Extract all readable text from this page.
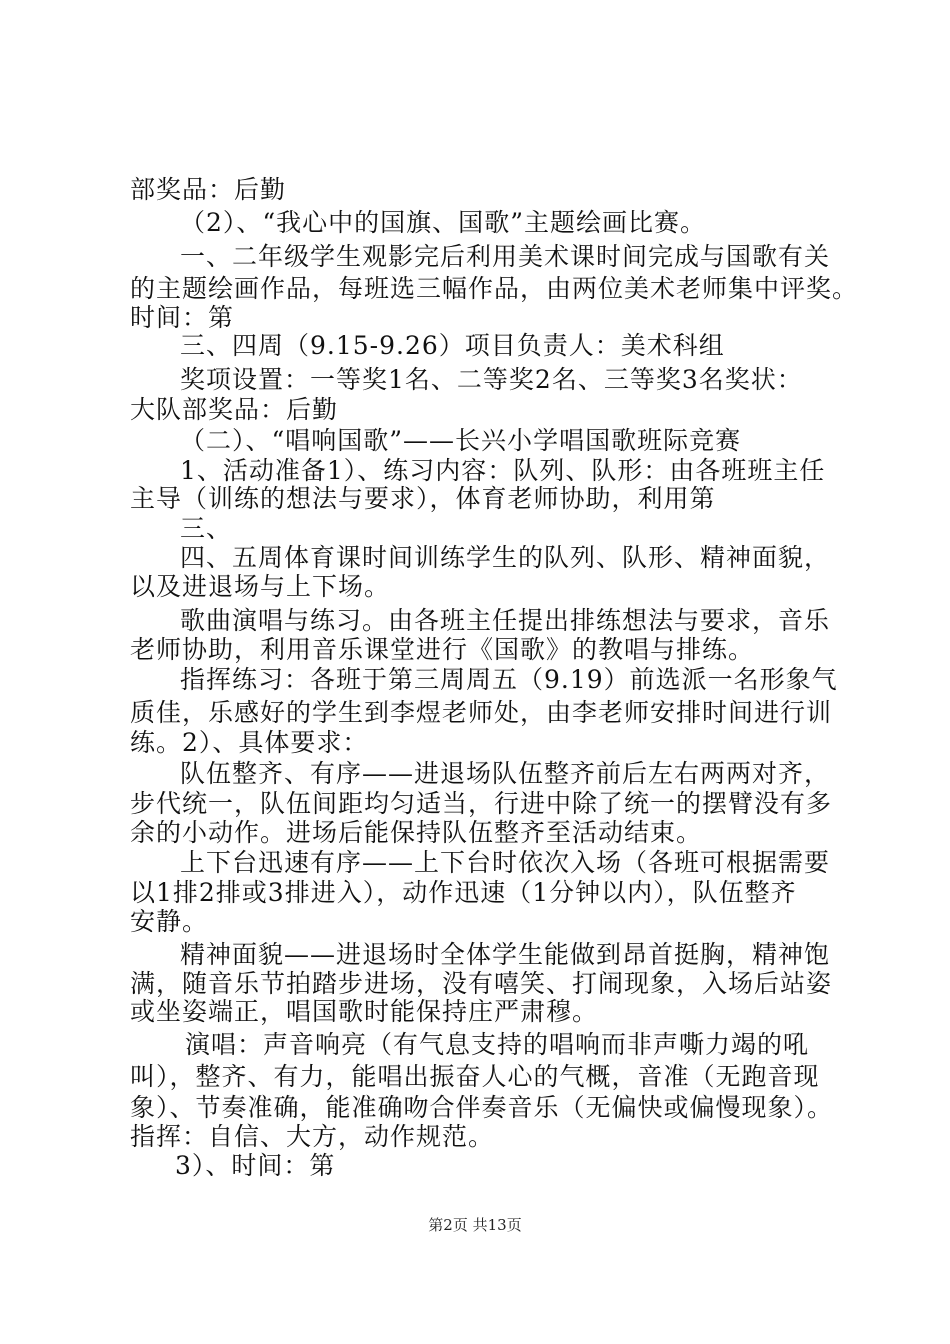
部奖品：后勤
（2）、“我心中的国旗、国歌”主题绘画比赛。
一、二年级学生观影完后利用美术课时间完成与国歌有关
的主题绘画作品，每班选三幅作品，由两位美术老师集中评奖。
时间：第
三、四周（9.15-9.26）项目负责人：美术科组
奖项设置：一等奖1名、二等奖2名、三等奖3名奖状：
大队部奖品：后勤
（二）、“唱响国歌”——长兴小学唱国歌班际竞赛
1、活动准备1）、练习内容：队列、队形：由各班班主任
主导（训练的想法与要求），体育老师协助，利用第
三、
四、五周体育课时间训练学生的队列、队形、精神面貌，
以及进退场与上下场。
歌曲演唱与练习。由各班主任提出排练想法与要求，音乐
老师协助，利用音乐课堂进行《国歌》的教唱与排练。
指挥练习：各班于第三周周五（9.19）前选派一名形象气
质佳，乐感好的学生到李煜老师处，由李老师安排时间进行训
练。2）、具体要求：
队伍整齐、有序——进退场队伍整齐前后左右两两对齐，
步代统一，队伍间距均匀适当，行进中除了统一的摆臂没有多
余的小动作。进场后能保持队伍整齐至活动结束。
上下台迅速有序——上下台时依次入场（各班可根据需要
以1排2排或3排进入），动作迅速（1分钟以内），队伍整齐
安静。
精神面貌——进退场时全体学生能做到昂首挺胸，精神饱
满，随音乐节拍踏步进场，没有嘻笑、打闹现象，入场后站姿
或坐姿端正，唱国歌时能保持庄严肃穆。
演唱：声音响亮（有气息支持的唱响而非声嘶力竭的吼
叫），整齐、有力，能唱出振奋人心的气概，音准（无跑音现
象）、节奏准确，能准确吻合伴奏音乐（无偏快或偏慢现象）。
指挥：自信、大方，动作规范。
3）、时间：第
第2页 共13页
